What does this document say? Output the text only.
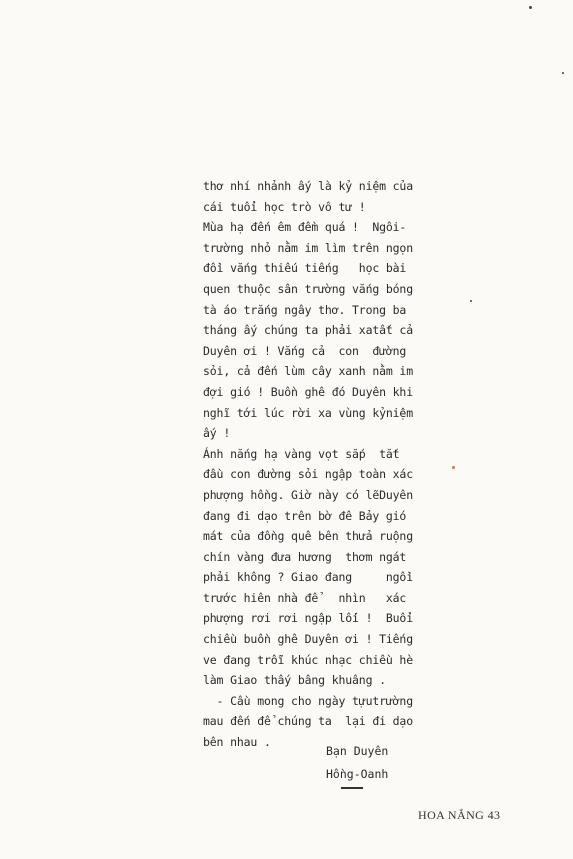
thơ nhí nhảnh ấy là kỷ niệm của
cái tuổi học trò vô tư !
Mùa hạ đến êm đềm quá !  Ngôi-
trường nhỏ nằm im lìm trên ngọn
đồi vắng thiếu tiếng   học bài
quen thuộc sân trường vắng bóng
tà áo trắng ngây thơ. Trong ba
tháng ấy chúng ta phải xatất cả
Duyên ơi ! Vắng cả  con  đường
sỏi, cả đến lùm cây xanh nằm im
đợi gió ! Buồn ghê đó Duyên khi
nghĩ tới lúc rời xa vùng kỷniệm
ấy !
Ánh nắng hạ vàng vọt sắp  tắt
đầu con đường sỏi ngập toàn xác
phượng hồng. Giờ này có lẽDuyên
đang đi dạo trên bờ đê Bảy gió
mát của đồng quê bên thửa ruộng
chín vàng đưa hương  thơm ngát
phải không ? Giao đang     ngồi
trước hiên nhà để   nhìn   xác
phượng rơi rơi ngập lối !  Buổi
chiều buồn ghê Duyên ơi ! Tiếng
ve đang trỗi khúc nhạc chiều hè
làm Giao thấy bâng khuâng .
- Cầu mong cho ngày tựutrường
mau đến để chúng ta  lại đi dạo
bên nhau .
Bạn Duyên
Hồng-Oanh
HOA NẮNG 43
